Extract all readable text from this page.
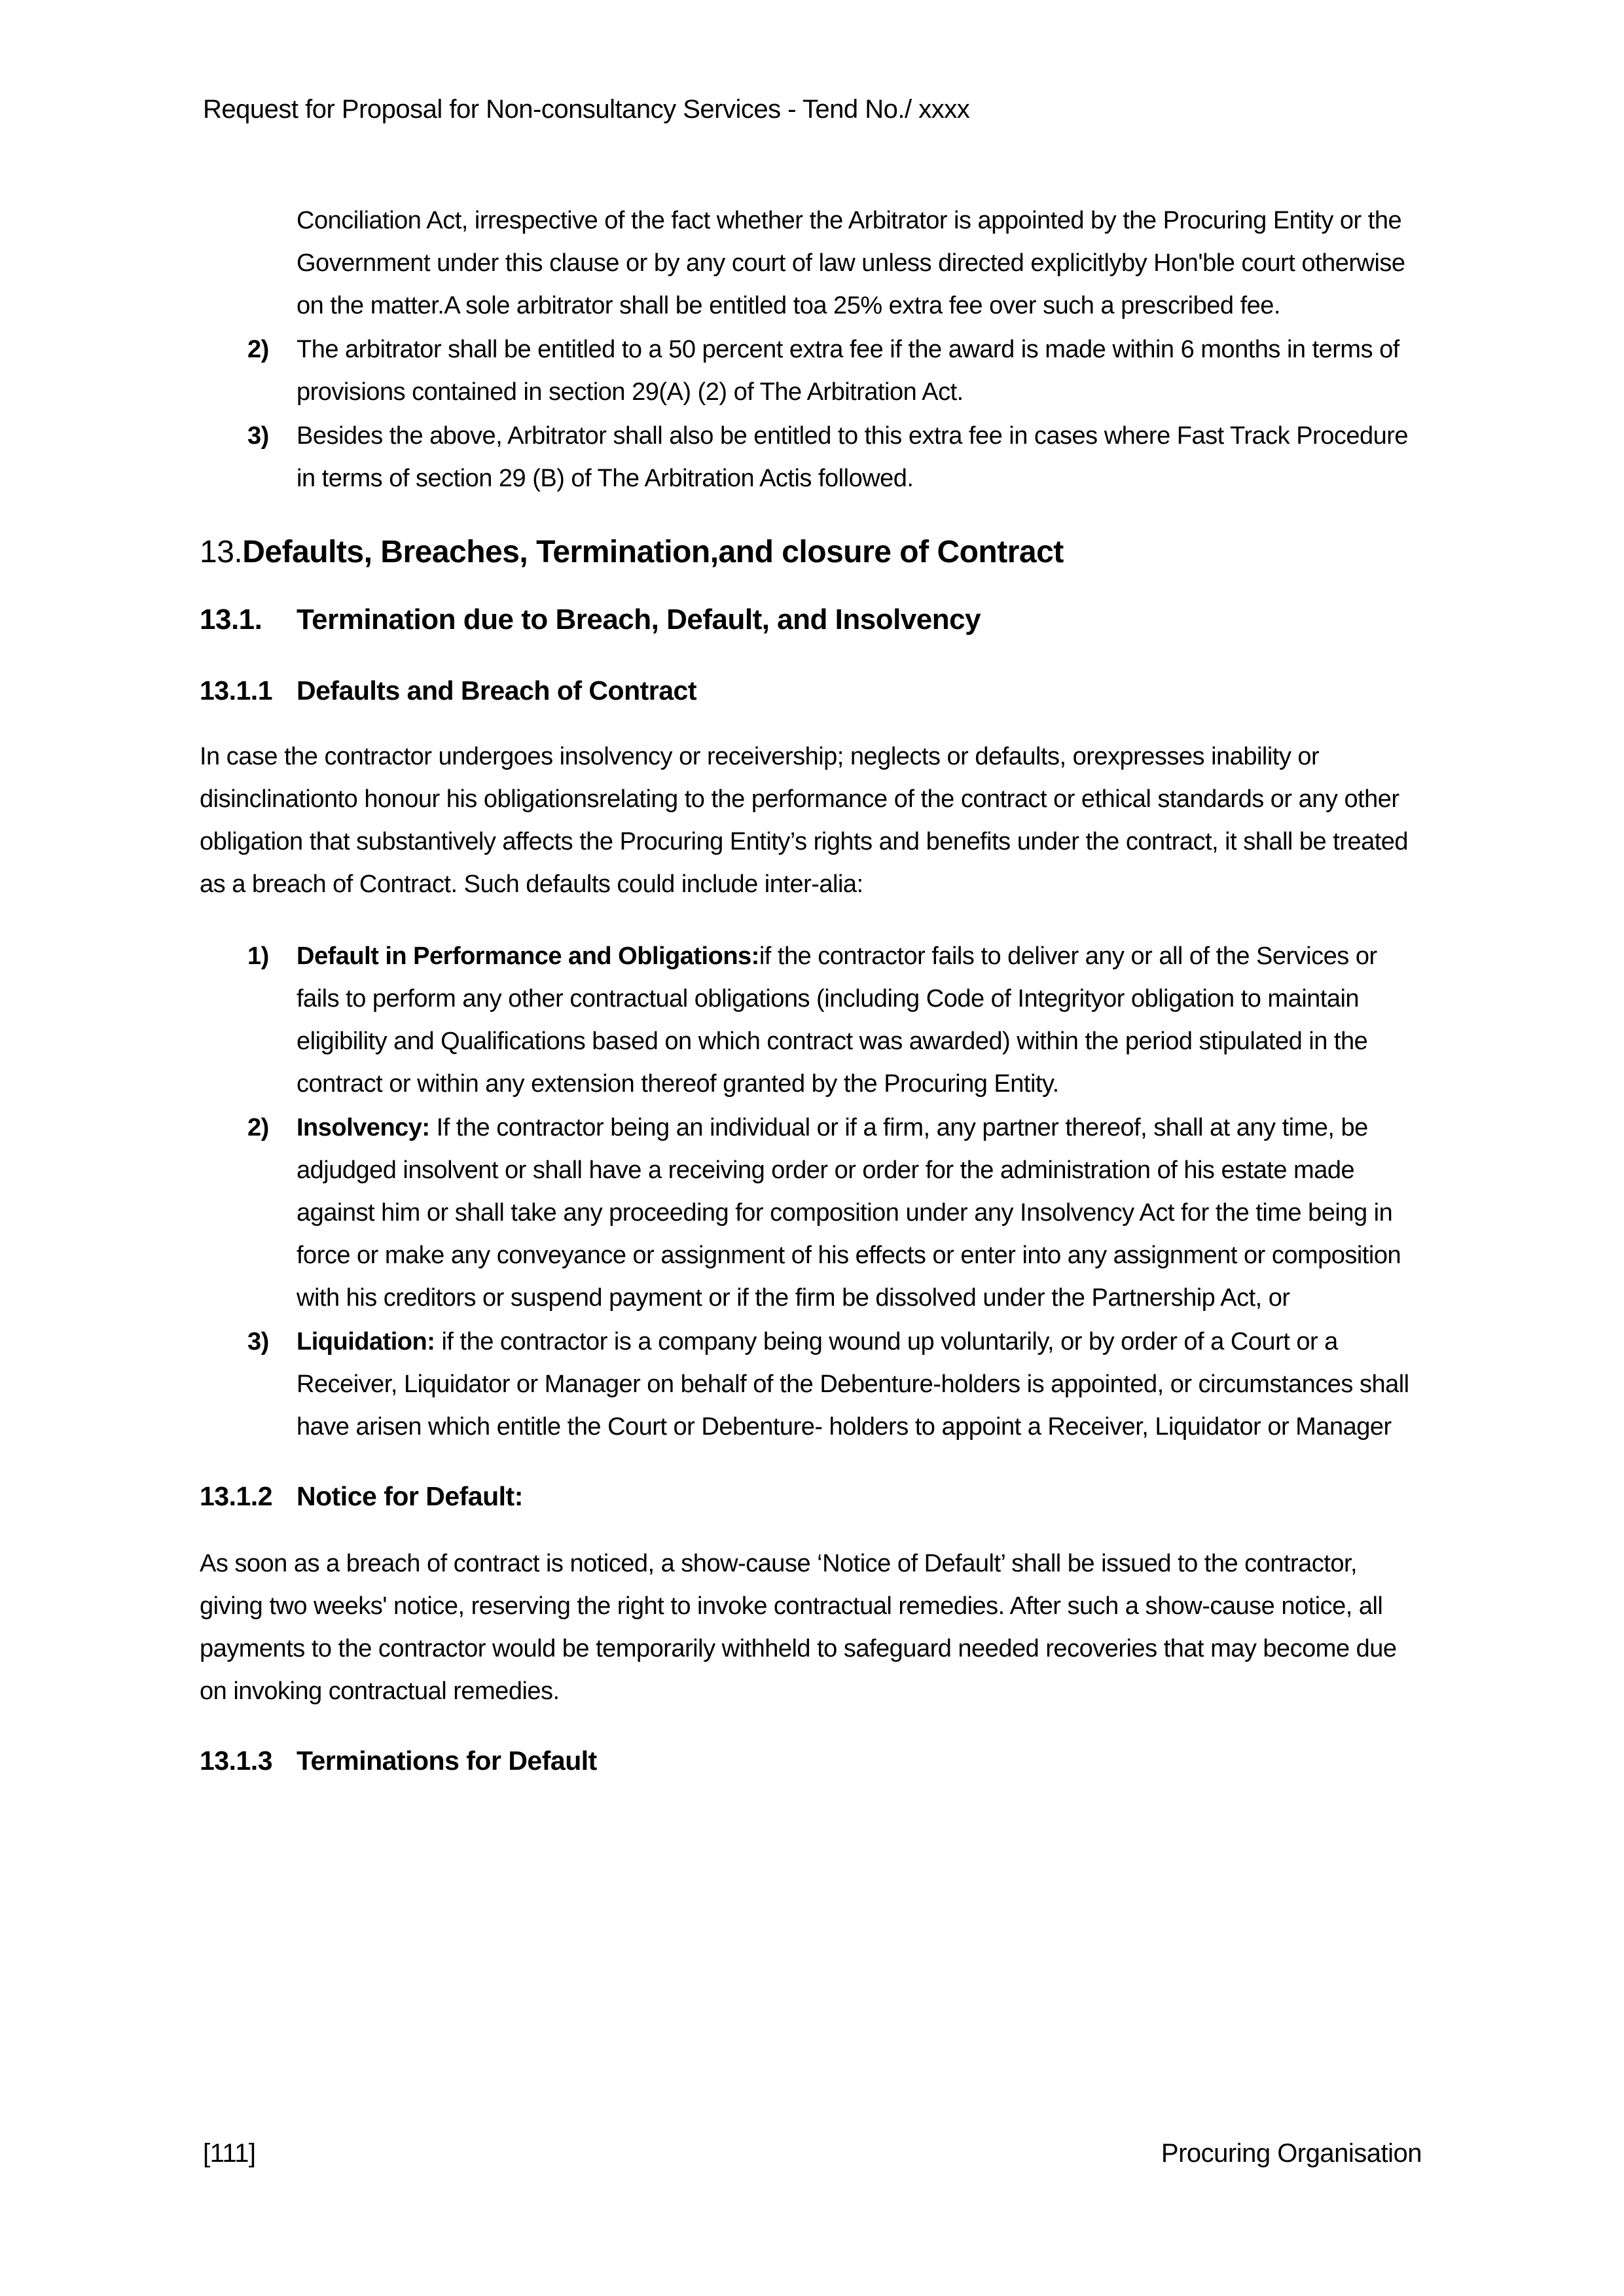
Request for Proposal for Non-consultancy Services - Tend No./ xxxx
Conciliation Act, irrespective of the fact whether the Arbitrator is appointed by the Procuring Entity or the Government under this clause or by any court of law unless directed explicitlyby Hon'ble court otherwise on the matter.A sole arbitrator shall be entitled toa 25% extra fee over such a prescribed fee.
2) The arbitrator shall be entitled to a 50 percent extra fee if the award is made within 6 months in terms of provisions contained in section 29(A) (2) of The Arbitration Act.
3) Besides the above, Arbitrator shall also be entitled to this extra fee in cases where Fast Track Procedure in terms of section 29 (B) of The Arbitration Actis followed.
13.Defaults, Breaches, Termination,and closure of Contract
13.1. Termination due to Breach, Default, and Insolvency
13.1.1 Defaults and Breach of Contract
In case the contractor undergoes insolvency or receivership; neglects or defaults, orexpresses inability or disinclinationto honour his obligationsrelating to the performance of the contract or ethical standards or any other obligation that substantively affects the Procuring Entity’s rights and benefits under the contract, it shall be treated as a breach of Contract. Such defaults could include inter-alia:
1) Default in Performance and Obligations:if the contractor fails to deliver any or all of the Services or fails to perform any other contractual obligations (including Code of Integrityor obligation to maintain eligibility and Qualifications based on which contract was awarded) within the period stipulated in the contract or within any extension thereof granted by the Procuring Entity.
2) Insolvency: If the contractor being an individual or if a firm, any partner thereof, shall at any time, be adjudged insolvent or shall have a receiving order or order for the administration of his estate made against him or shall take any proceeding for composition under any Insolvency Act for the time being in force or make any conveyance or assignment of his effects or enter into any assignment or composition with his creditors or suspend payment or if the firm be dissolved under the Partnership Act, or
3) Liquidation: if the contractor is a company being wound up voluntarily, or by order of a Court or a Receiver, Liquidator or Manager on behalf of the Debenture-holders is appointed, or circumstances shall have arisen which entitle the Court or Debenture- holders to appoint a Receiver, Liquidator or Manager
13.1.2 Notice for Default:
As soon as a breach of contract is noticed, a show-cause ‘Notice of Default’ shall be issued to the contractor, giving two weeks' notice, reserving the right to invoke contractual remedies. After such a show-cause notice, all payments to the contractor would be temporarily withheld to safeguard needed recoveries that may become due on invoking contractual remedies.
13.1.3 Terminations for Default
[111]	Procuring Organisation
